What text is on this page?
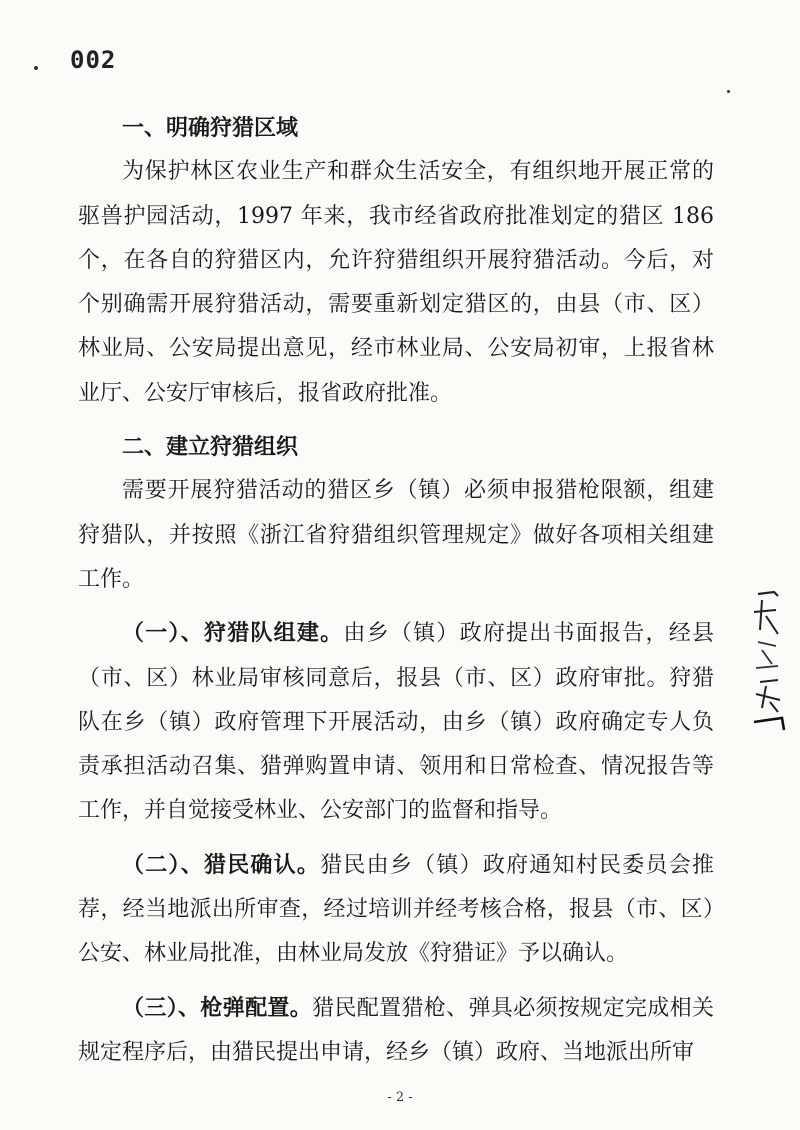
002

一、明确狩猎区域

为保护林区农业生产和群众生活安全，有组织地开展正常的驱兽护园活动，1997 年来，我市经省政府批准划定的猎区 186 个，在各自的狩猎区内，允许狩猎组织开展狩猎活动。今后，对个别确需开展狩猎活动，需要重新划定猎区的，由县（市、区）林业局、公安局提出意见，经市林业局、公安局初审，上报省林业厅、公安厅审核后，报省政府批准。

二、建立狩猎组织

需要开展狩猎活动的猎区乡（镇）必须申报猎枪限额，组建狩猎队，并按照《浙江省狩猎组织管理规定》做好各项相关组建工作。

（一）、狩猎队组建。由乡（镇）政府提出书面报告，经县（市、区）林业局审核同意后，报县（市、区）政府审批。狩猎队在乡（镇）政府管理下开展活动，由乡（镇）政府确定专人负责承担活动召集、猎弹购置申请、领用和日常检查、情况报告等工作，并自觉接受林业、公安部门的监督和指导。

（二）、猎民确认。猎民由乡（镇）政府通知村民委员会推荐，经当地派出所审查，经过培训并经考核合格，报县（市、区）公安、林业局批准，由林业局发放《狩猎证》予以确认。

（三）、枪弹配置。猎民配置猎枪、弹具必须按规定完成相关规定程序后，由猎民提出申请，经乡（镇）政府、当地派出所审

- 2 -
